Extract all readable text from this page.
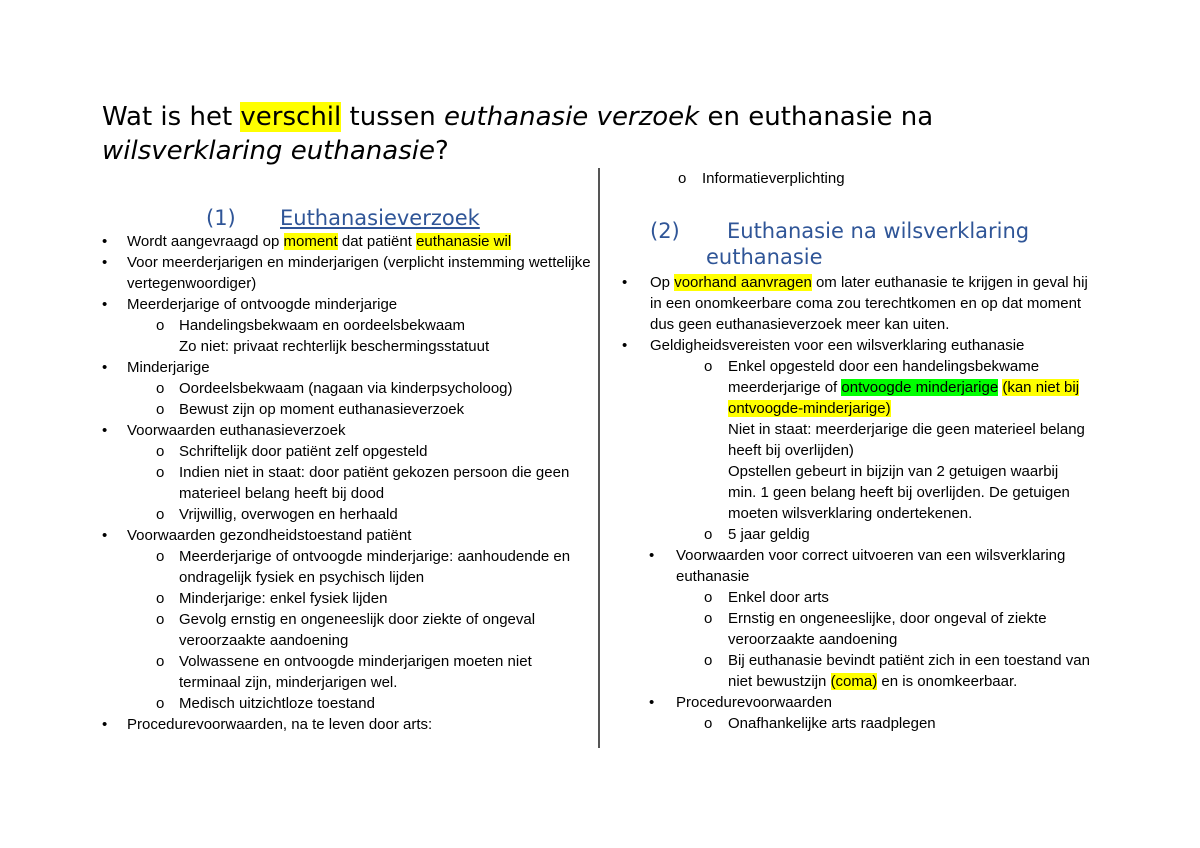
Wat is het verschil tussen euthanasie verzoek en euthanasie na
wilsverklaring euthanasie?
(1) Euthanasieverzoek
• Wordt aangevraagd op moment dat patiënt euthanasie wil
• Voor meerderjarigen en minderjarigen (verplicht instemming wettelijke vertegenwoordiger)
• Meerderjarige of ontvoogde minderjarige
o Handelingsbekwaam en oordeelsbekwaam
Zo niet: privaat rechterlijk beschermingsstatuut
• Minderjarige
o Oordeelsbekwaam (nagaan via kinderpsycholoog)
o Bewust zijn op moment euthanasieverzoek
• Voorwaarden euthanasieverzoek
o Schriftelijk door patiënt zelf opgesteld
o Indien niet in staat: door patiënt gekozen persoon die geen materieel belang heeft bij dood
o Vrijwillig, overwogen en herhaald
• Voorwaarden gezondheidstoestand patiënt
o Meerderjarige of ontvoogde minderjarige: aanhoudende en ondragelijk fysiek en psychisch lijden
o Minderjarige: enkel fysiek lijden
o Gevolg ernstig en ongeneeslijk door ziekte of ongeval veroorzaakte aandoening
o Volwassene en ontvoogde minderjarigen moeten niet terminaal zijn, minderjarigen wel.
o Medisch uitzichtloze toestand
• Procedurevoorwaarden, na te leven door arts:
o Informatieverplichting
(2) Euthanasie na wilsverklaring
euthanasie
• Op voorhand aanvragen om later euthanasie te krijgen in geval hij in een onomkeerbare coma zou terechtkomen en op dat moment dus geen euthanasieverzoek meer kan uiten.
• Geldigheidsvereisten voor een wilsverklaring euthanasie
o Enkel opgesteld door een handelingsbekwame meerderjarige of ontvoogde minderjarige (kan niet bij ontvoogde-minderjarige)
Niet in staat: meerderjarige die geen materieel belang heeft bij overlijden)
Opstellen gebeurt in bijzijn van 2 getuigen waarbij min. 1 geen belang heeft bij overlijden. De getuigen moeten wilsverklaring ondertekenen.
o 5 jaar geldig
• Voorwaarden voor correct uitvoeren van een wilsverklaring euthanasie
o Enkel door arts
o Ernstig en ongeneeslijke, door ongeval of ziekte veroorzaakte aandoening
o Bij euthanasie bevindt patiënt zich in een toestand van niet bewustzijn (coma) en is onomkeerbaar.
• Procedurevoorwaarden
o Onafhankelijke arts raadplegen
